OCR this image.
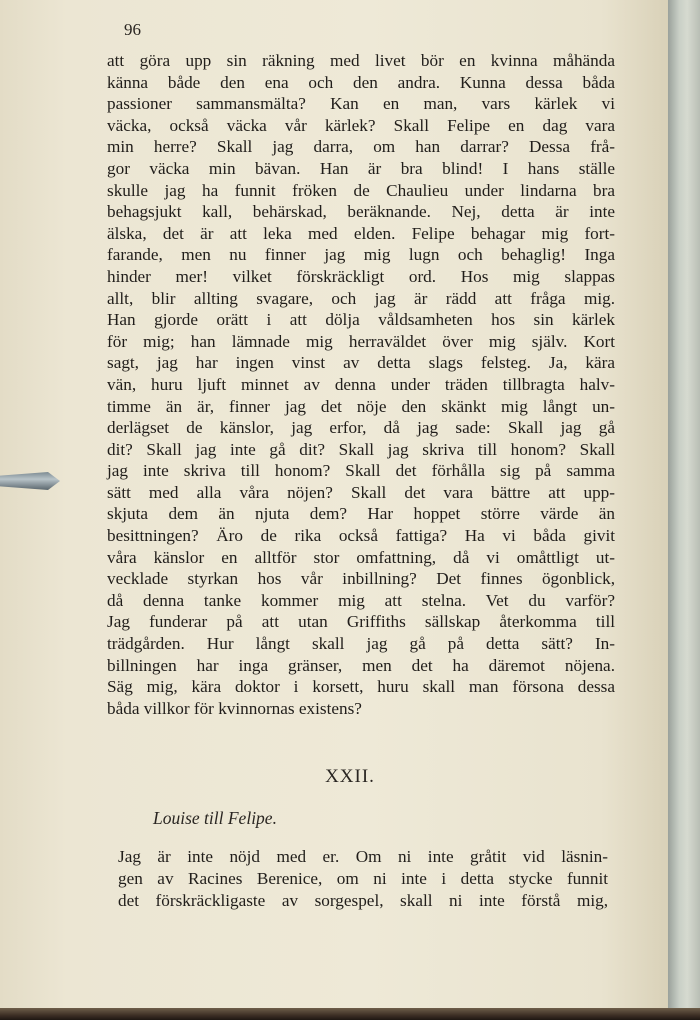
96
att göra upp sin räkning med livet bör en kvinna måhända
känna både den ena och den andra. Kunna dessa båda
passioner sammansmälta? Kan en man, vars kärlek vi
väcka, också väcka vår kärlek? Skall Felipe en dag vara
min herre? Skall jag darra, om han darrar? Dessa frå-
gor väcka min bävan. Han är bra blind! I hans ställe
skulle jag ha funnit fröken de Chaulieu under lindarna bra
behagsjukt kall, behärskad, beräknande. Nej, detta är inte
älska, det är att leka med elden. Felipe behagar mig fort-
farande, men nu finner jag mig lugn och behaglig! Inga
hinder mer! vilket förskräckligt ord. Hos mig slappas
allt, blir allting svagare, och jag är rädd att fråga mig.
Han gjorde orätt i att dölja våldsamheten hos sin kärlek
för mig; han lämnade mig herraväldet över mig själv. Kort
sagt, jag har ingen vinst av detta slags felsteg. Ja, kära
vän, huru ljuft minnet av denna under träden tillbragta halv-
timme än är, finner jag det nöje den skänkt mig långt un-
derlägset de känslor, jag erfor, då jag sade: Skall jag gå
dit? Skall jag inte gå dit? Skall jag skriva till honom? Skall
jag inte skriva till honom? Skall det förhålla sig på samma
sätt med alla våra nöjen? Skall det vara bättre att upp-
skjuta dem än njuta dem? Har hoppet större värde än
besittningen? Äro de rika också fattiga? Ha vi båda givit
våra känslor en alltför stor omfattning, då vi omåttligt ut-
vecklade styrkan hos vår inbillning? Det finnes ögonblick,
då denna tanke kommer mig att stelna. Vet du varför?
Jag funderar på att utan Griffiths sällskap återkomma till
trädgården. Hur långt skall jag gå på detta sätt? In-
billningen har inga gränser, men det ha däremot nöjena.
Säg mig, kära doktor i korsett, huru skall man försona dessa
båda villkor för kvinnornas existens?
XXII.
Louise till Felipe.
Jag är inte nöjd med er. Om ni inte gråtit vid läsnin-
gen av Racines Berenice, om ni inte i detta stycke funnit
det förskräckligaste av sorgespel, skall ni inte förstå mig,
